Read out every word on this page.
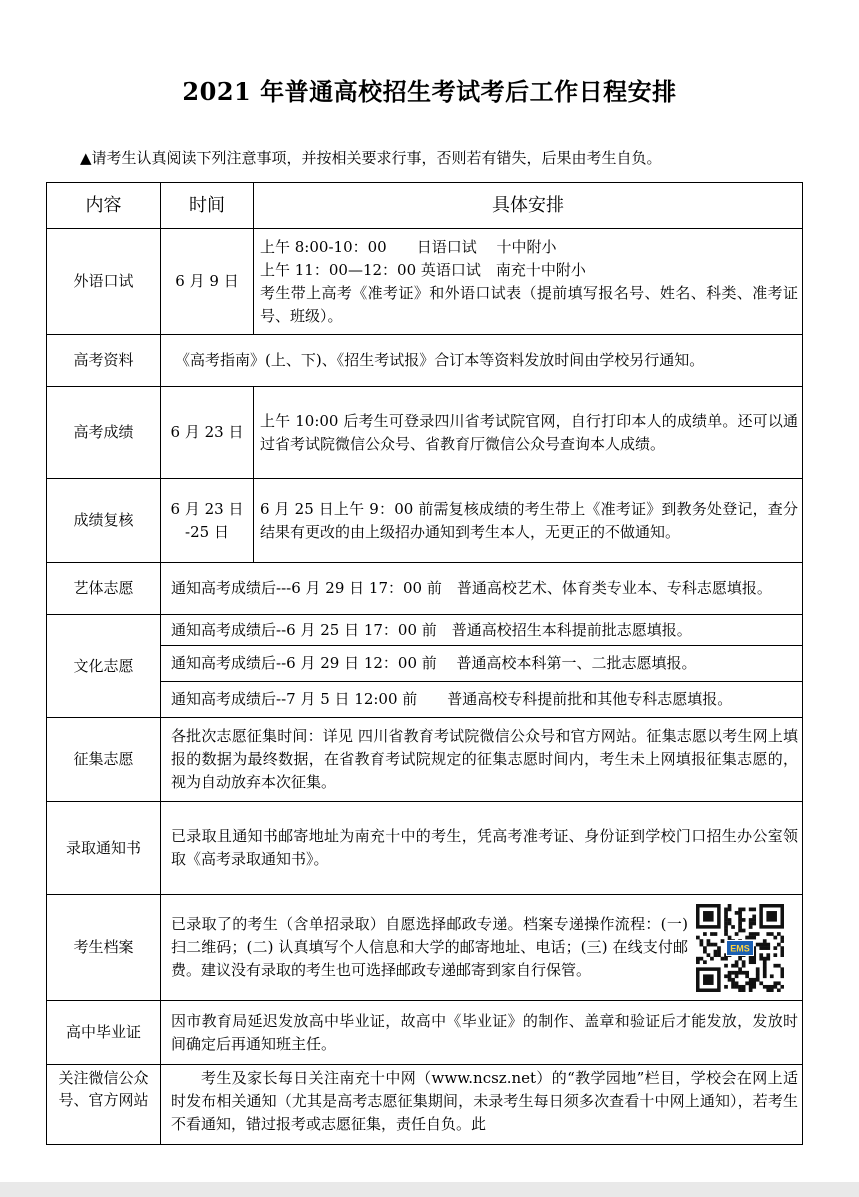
2021 年普通高校招生考试考后工作日程安排
▲请考生认真阅读下列注意事项，并按相关要求行事，否则若有错失，后果由考生自负。
内容	时间	具体安排
外语口试	6 月 9 日	上午 8:00-10：00　　日语口试　 十中附小
上午 11：00—12：00 英语口试　南充十中附小
考生带上高考《准考证》和外语口试表（提前填写报名号、姓名、科类、准考证号、班级）。

高考资料	《高考指南》(上、下)、《招生考试报》合订本等资料发放时间由学校另行通知。	
高考成绩	6 月 23 日	上午 10:00 后考生可登录四川省考试院官网，自行打印本人的成绩单。还可以通过省考试院微信公众号、省教育厅微信公众号查询本人成绩。
成绩复核	6 月 23 日
-25 日	6 月 25 日上午 9：00 前需复核成绩的考生带上《准考证》到教务处登记，查分结果有更改的由上级招办通知到考生本人，无更正的不做通知。
艺体志愿	通知高考成绩后---6 月 29 日 17：00 前　普通高校艺术、体育类专业本、专科志愿填报。	
文化志愿	通知高考成绩后--6 月 25 日 17：00 前　普通高校招生本科提前批志愿填报。	
	通知高考成绩后--6 月 29 日 12：00 前　 普通高校本科第一、二批志愿填报。	
	通知高考成绩后--7 月 5 日 12:00 前　　普通高校专科提前批和其他专科志愿填报。	
征集志愿	各批次志愿征集时间：详见 四川省教育考试院微信公众号和官方网站。征集志愿以考生网上填报的数据为最终数据，在省教育考试院规定的征集志愿时间内，考生未上网填报征集志愿的，视为自动放弃本次征集。	
录取通知书	已录取且通知书邮寄地址为南充十中的考生，凭高考准考证、身份证到学校门口招生办公室领取《高考录取通知书》。	
考生档案	已录取了的考生（含单招录取）自愿选择邮政专递。档案专递操作流程：(一) 扫二维码；(二) 认真填写个人信息和大学的邮寄地址、电话；(三) 在线支付邮费。建议没有录取的考生也可选择邮政专递邮寄到家自行保管。
EMS	

高中毕业证	因市教育局延迟发放高中毕业证，故高中《毕业证》的制作、盖章和验证后才能发放，发放时间确定后再通知班主任。	
关注微信公众号、官方网站	考生及家长每日关注南充十中网（www.ncsz.net）的“教学园地”栏目，学校会在网上适时发布相关通知（尤其是高考志愿征集期间，未录考生每日须多次查看十中网上通知），若考生不看通知，错过报考或志愿征集，责任自负。此	
